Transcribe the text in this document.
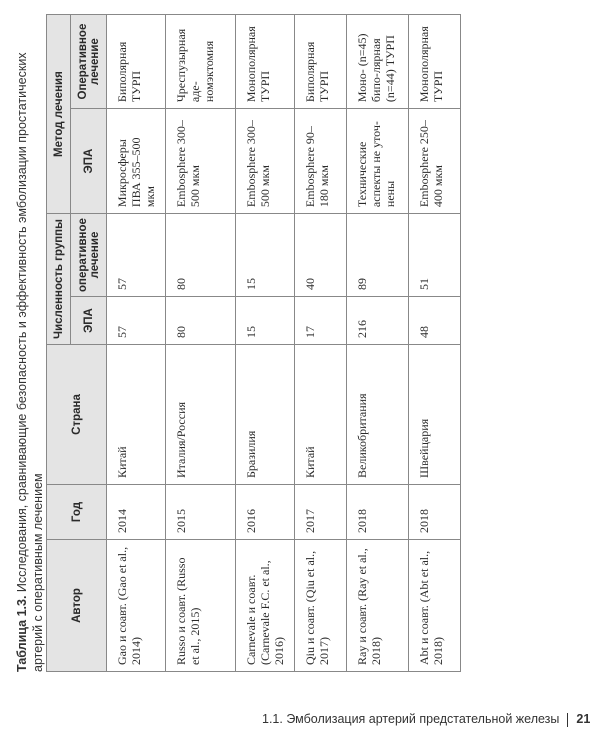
Таблица 1.3. Исследования, сравнивающие безопасность и эффективность эмболизации простатических артерий с оперативным лечением Автор	Год	Страна	Численность группы		Метод лечения	
			ЭПА	оперативное лечение	ЭПА	Оперативное лечение
Gao и соавт. (Gao et al., 2014)	2014	Китай	57	57	Микросферы ПВА 355–500 мкм	Биполярная ТУРП
Russo и соавт. (Russo et al., 2015)	2015	Италия/Россия	80	80	Embosphere 300–500 мкм	Чреспузырная аде-номэктомия
Carnevale и соавт. (Carnevale F.C. et al., 2016)	2016	Бразилия	15	15	Embosphere 300–500 мкм	Монополярная ТУРП
Qiu и соавт. (Qiu et al., 2017)	2017	Китай	17	40	Embosphere 90–180 мкм	Биполярная ТУРП
Ray и соавт. (Ray et al., 2018)	2018	Великобритания	216	89	Технические аспекты не уточ-нены	Моно- (n=45) бипо-лярная (n=44) ТУРП
Abt и соавт. (Abt et al., 2018)	2018	Швейцария	48	51	Embosphere 250–400 мкм	Монополярная ТУРП
1.1. Эмболизация артерий предстательной железы 21
